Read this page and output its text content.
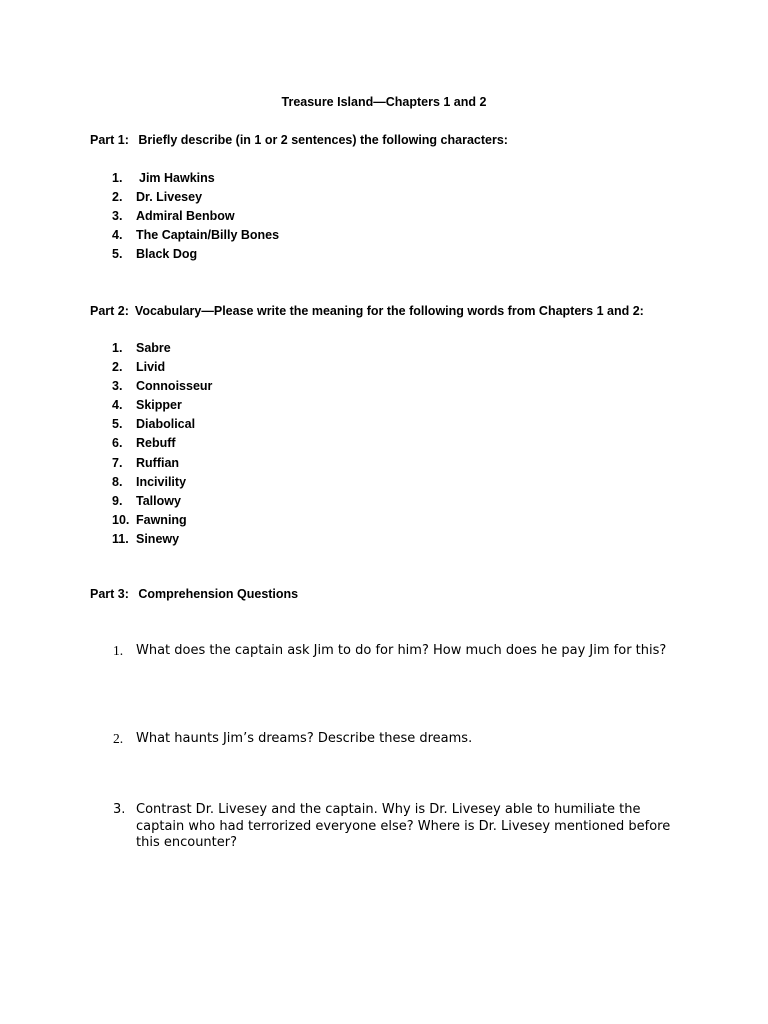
Treasure Island—Chapters 1 and 2
Part 1: Briefly describe (in 1 or 2 sentences) the following characters:
1.	Jim Hawkins
2.	Dr. Livesey
3.	Admiral Benbow
4.	The Captain/Billy Bones
5.	Black Dog
Part 2: Vocabulary—Please write the meaning for the following words from Chapters 1 and 2:
1.	Sabre
2.	Livid
3.	Connoisseur
4.	Skipper
5.	Diabolical
6.	Rebuff
7.	Ruffian
8.	Incivility
9.	Tallowy
10. Fawning
11. Sinewy
Part 3: Comprehension Questions
1. What does the captain ask Jim to do for him? How much does he pay Jim for this?
2. What haunts Jim’s dreams? Describe these dreams.
3. Contrast Dr. Livesey and the captain. Why is Dr. Livesey able to humiliate the captain who had terrorized everyone else? Where is Dr. Livesey mentioned before this encounter?
